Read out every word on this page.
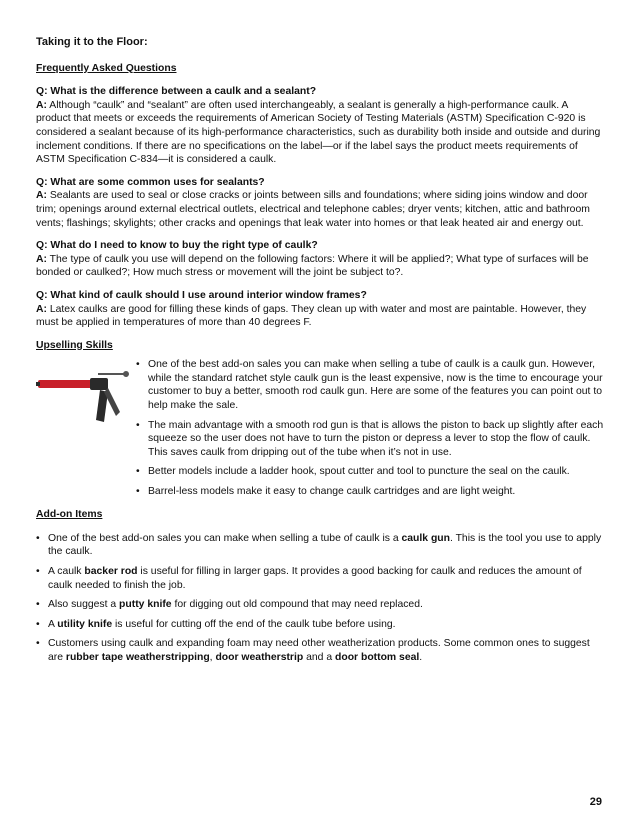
Taking it to the Floor:
Frequently Asked Questions
Q: What is the difference between a caulk and a sealant?

A: Although “caulk” and “sealant” are often used interchangeably, a sealant is generally a high-performance caulk. A product that meets or exceeds the requirements of American Society of Testing Materials (ASTM) Specification C-920 is considered a sealant because of its high-performance characteristics, such as durability both inside and outside and during inclement conditions. If there are no specifications on the label—or if the label says the product meets requirements of ASTM Specification C-834—it is considered a caulk.

Q: What are some common uses for sealants?

A: Sealants are used to seal or close cracks or joints between sills and foundations; where siding joins window and door trim; openings around external electrical outlets, electrical and telephone cables; dryer vents; kitchen, attic and bathroom vents; flashings; skylights; other cracks and openings that leak water into homes or that leak heated air and energy out.

Q: What do I need to know to buy the right type of caulk?

A: The type of caulk you use will depend on the following factors: Where it will be applied?; What type of surfaces will be bonded or caulked?; How much stress or movement will the joint be subject to?.

Q: What kind of caulk should I use around interior window frames?

A: Latex caulks are good for filling these kinds of gaps. They clean up with water and most are paintable. However, they must be applied in temperatures of more than 40 degrees F.

Upselling Skills
• One of the best add-on sales you can make when selling a tube of caulk is a caulk gun. However, while the standard ratchet style caulk gun is the least expensive, now is the time to encourage your customer to buy a better, smooth rod caulk gun. Here are some of the features you can point out to help make the sale.
• The main advantage with a smooth rod gun is that is allows the piston to back up slightly after each squeeze so the user does not have to turn the piston or depress a lever to stop the flow of caulk. This saves caulk from dripping out of the tube when it’s not in use.
• Better models include a ladder hook, spout cutter and tool to puncture the seal on the caulk.
• Barrel-less models make it easy to change caulk cartridges and are light weight.
Add-on Items
• One of the best add-on sales you can make when selling a tube of caulk is a caulk gun. This is the tool you use to apply the caulk.
• A caulk backer rod is useful for filling in larger gaps. It provides a good backing for caulk and reduces the amount of caulk needed to finish the job.
• Also suggest a putty knife for digging out old compound that may need replaced.
• A utility knife is useful for cutting off the end of the caulk tube before using.
• Customers using caulk and expanding foam may need other weatherization products. Some common ones to suggest are rubber tape weatherstripping, door weatherstrip and a door bottom seal.
29
